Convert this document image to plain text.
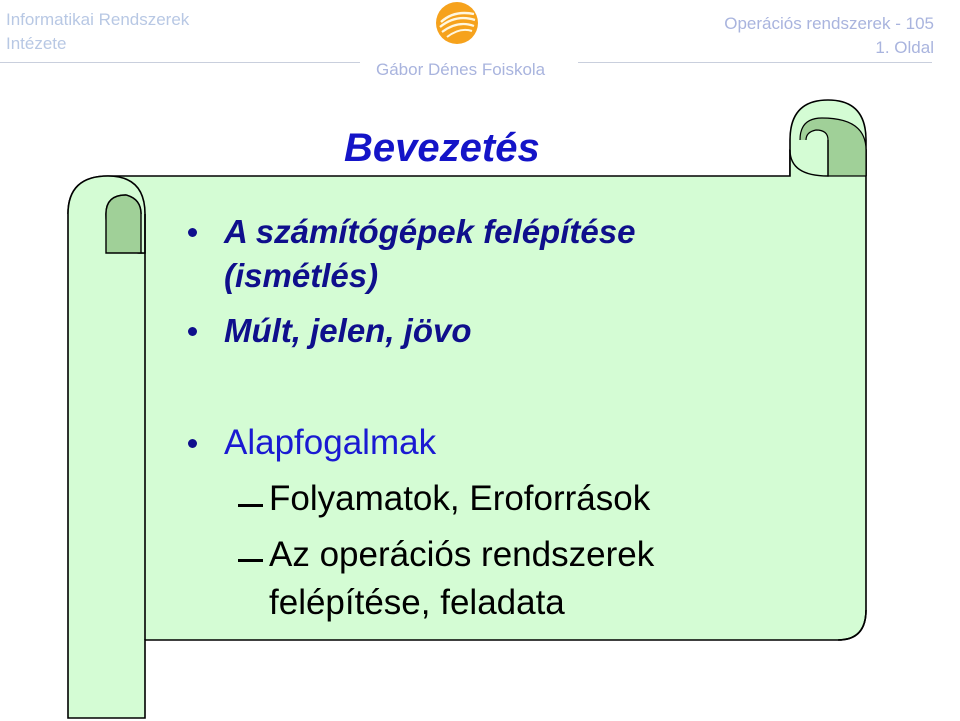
Informatikai Rendszerek
Intézete
Operációs rendszerek - 105
1. Oldal
Gábor Dénes Foiskola
Bevezetés
A számítógépek felépítése
(ismétlés)
Múlt, jelen, jövo
Alapfogalmak
Folyamatok, Eroforrások
Az operációs rendszerek
felépítése, feladata
